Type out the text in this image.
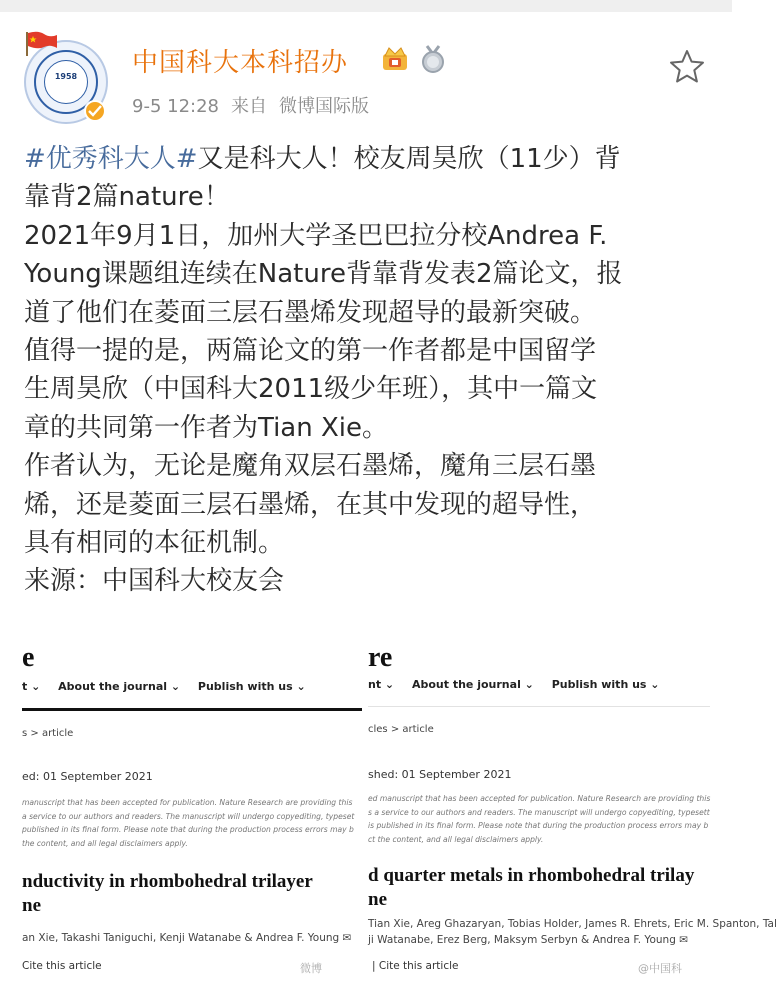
1958 中国科大本科招办
9-5 12:28 来自 微博国际版

#优秀科大人#又是科大人！校友周昊欣（11少）背

靠背2篇nature！

2021年9月1日，加州大学圣巴巴拉分校Andrea F.

Young课题组连续在Nature背靠背发表2篇论文，报

道了他们在菱面三层石墨烯发现超导的最新突破。

值得一提的是，两篇论文的第一作者都是中国留学

生周昊欣（中国科大2011级少年班），其中一篇文

章的共同第一作者为Tian Xie。

作者认为，无论是魔角双层石墨烯，魔角三层石墨

烯，还是菱面三层石墨烯，在其中发现的超导性，

具有相同的本征机制。

来源：中国科大校友会

e
t ⌄ About the journal ⌄ Publish with us ⌄
s > article
ed: 01 September 2021
manuscript that has been accepted for publication. Nature Research are providing this
a service to our authors and readers. The manuscript will undergo copyediting, typeset
published in its final form. Please note that during the production process errors may b
the content, and all legal disclaimers apply.
nductivity in rhombohedral trilayer
ne
an Xie, Takashi Taniguchi, Kenji Watanabe & Andrea F. Young ✉
Cite this article
re
nt ⌄ About the journal ⌄ Publish with us ⌄
cles > article
shed: 01 September 2021
ed manuscript that has been accepted for publication. Nature Research are providing this
s a service to our authors and readers. The manuscript will undergo copyediting, typesett
is published in its final form. Please note that during the production process errors may b
ct the content, and all legal disclaimers apply.
d quarter metals in rhombohedral trilay
ne
Tian Xie, Areg Ghazaryan, Tobias Holder, James R. Ehrets, Eric M. Spanton, Tal
ji Watanabe, Erez Berg, Maksym Serbyn & Andrea F. Young ✉
| Cite this article	@中国科
微博
